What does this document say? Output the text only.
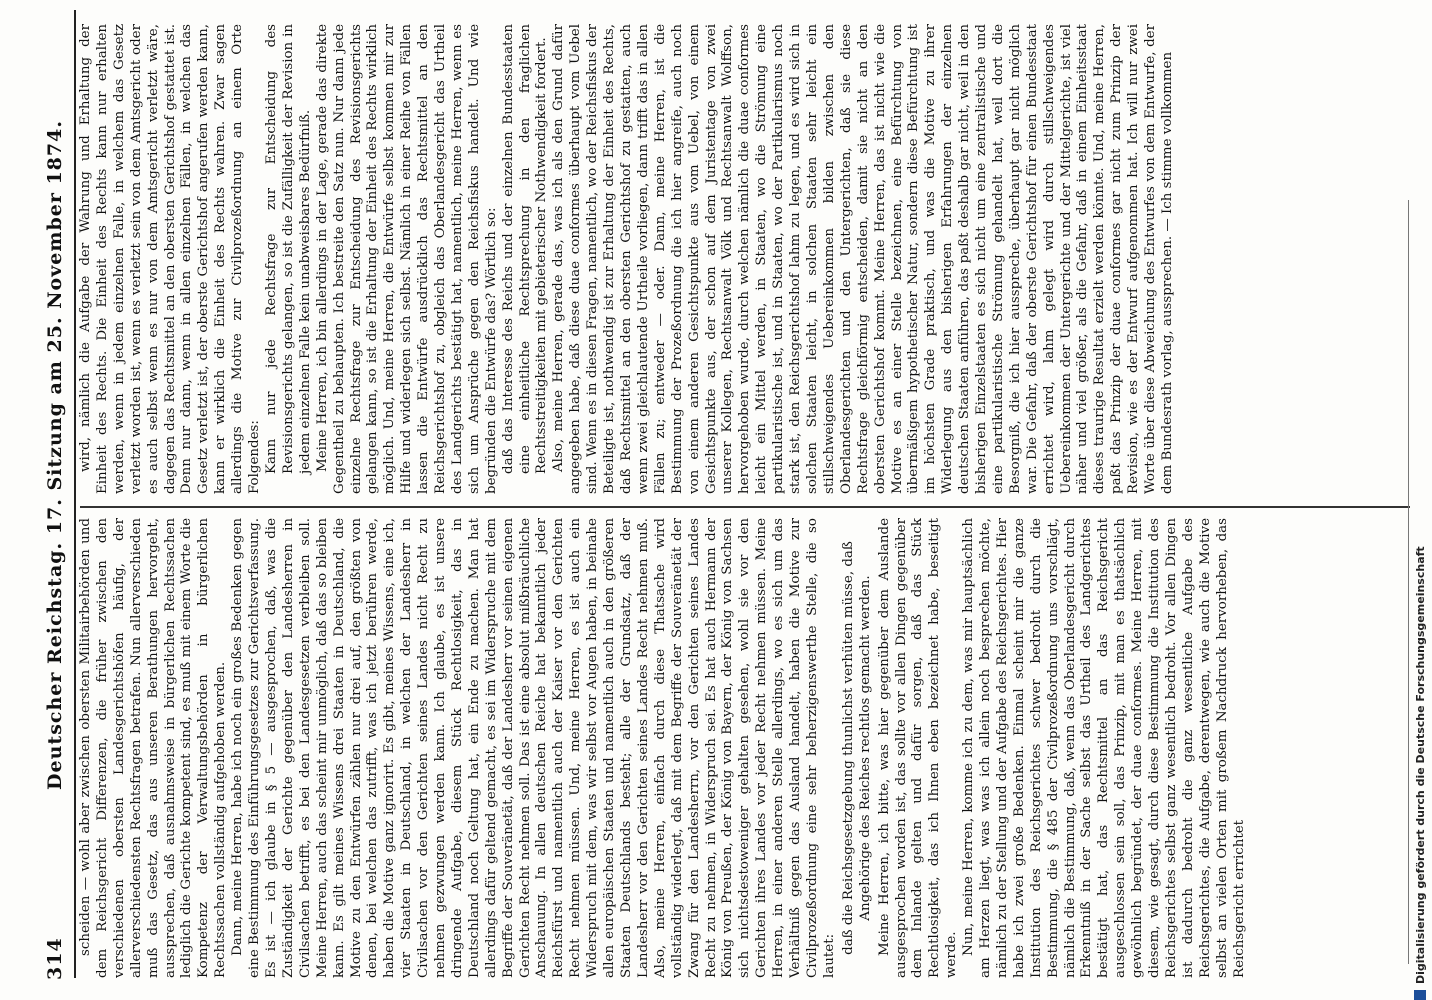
314
Deutscher Reichstag. 17. Sitzung am 25. November 1874. scheiden — wohl aber zwischen obersten Militairbehörden und dem Reichsgericht Differenzen, die früher zwischen den verschiedenen obersten Landesgerichtshöfen häufig, der allerverschiedensten Rechtsfragen betrafen. Nun allerverschieden muß das Gesetz, das aus unseren Berathungen hervorgeht, aussprechen, daß ausnahmsweise in bürgerlichen Rechtssachen lediglich die Gerichte kompetent sind, es muß mit einem Worte die Kompetenz der Verwaltungsbehörden in bürgerlichen Rechtssachen vollständig aufgehoben werden. Dann, meine Herren, habe ich noch ein großes Bedenken gegen eine Bestimmung des Einführungsgesetzes zur Gerichtsverfassung. Es ist — ich glaube in § 5 — ausgesprochen, daß, was die Zuständigkeit der Gerichte gegenüber den Landesherren in Civilsachen betrifft, es bei den Landesgesetzen verbleiben soll. Meine Herren, auch das scheint mir unmöglich, daß das so bleiben kann. Es gilt meines Wissens drei Staaten in Deutschland, die Motive zu den Entwürfen zählen nur drei auf, den größten von denen, bei welchen das zutrifft, was ich jetzt berühren werde, haben die Motive ganz ignorirt. Es gibt, meines Wissens, eine ich, vier Staaten in Deutschland, in welchen der Landesherr in Civilsachen vor den Gerichten seines Landes nicht Recht zu nehmen gezwungen werden kann. Ich glaube, es ist unsere dringende Aufgabe, diesem Stück Rechtlosigkeit, das in Deutschland noch Geltung hat, ein Ende zu machen. Man hat allerdings dafür geltend gemacht, es sei im Widerspruche mit dem Begriffe der Souveränetät, daß der Landesherr vor seinen eigenen Gerichten Recht nehmen soll. Das ist eine absolut mißbräuchliche Anschauung. In allen deutschen Reiche hat bekanntlich jeder Reichsfürst und namentlich auch der Kaiser vor den Gerichten Recht nehmen müssen. Und, meine Herren, es ist auch ein Widerspruch mit dem, was wir selbst vor Augen haben, in beinahe allen europäischen Staaten und namentlich auch in den größeren Staaten Deutschlands besteht; alle der Grundsatz, daß der Landesherr vor den Gerichten seines Landes Recht nehmen muß. Also, meine Herren, einfach durch diese Thatsache wird vollständig widerlegt, daß mit dem Begriffe der Souveränetät der Zwang für den Landesherrn, vor den Gerichten seines Landes Recht zu nehmen, in Widerspruch sei. Es hat auch Hermann der König von Preußen, der König von Bayern, der König von Sachsen sich nichtsdestoweniger gehalten gesehen, wohl sie vor den Gerichten ihres Landes vor jeder Recht nehmen müssen. Meine Herren, in einer anderen Stelle allerdings, wo es sich um das Verhältniß gegen das Ausland handelt, haben die Motive zur Civilprozeßordnung eine sehr beherzigenswerthe Stelle, die so lautet:

daß die Reichsgesetzgebung thunlichst verhüten müsse, daß Angehörige des Reiches rechtlos gemacht werden. Meine Herren, ich bitte, was hier gegenüber dem Auslande ausgesprochen worden ist, das sollte vor allen Dingen gegenüber dem Inlande gelten und dafür sorgen, daß das Stück Rechtlosigkeit, das ich Ihnen eben bezeichnet habe, beseitigt werde. Nun, meine Herren, komme ich zu dem, was mir hauptsächlich am Herzen liegt, was was ich allein noch besprechen möchte, nämlich zu der Stellung und der Aufgabe des Reichsgerichtes. Hier habe ich zwei große Bedenken. Einmal scheint mir die ganze Institution des Reichsgerichtes schwer bedroht durch die Bestimmung, die § 485 der Civilprozeßordnung uns vorschlägt, nämlich die Bestimmung, daß, wenn das Oberlandesgericht durch Erkenntniß in der Sache selbst das Urtheil des Landgerichtes bestätigt hat, das Rechtsmittel an das Reichsgericht ausgeschlossen sein soll, das Prinzip, mit man es thatsächlich gewöhnlich begründet, der duae conformes. Meine Herren, mit diesem, wie gesagt, durch diese Bestimmung die Institution des Reichsgerichtes selbst ganz wesentlich bedroht. Vor allen Dingen ist dadurch bedroht die ganz wesentliche Aufgabe des Reichsgerichtes, die Aufgabe, derentwegen, wie auch die Motive selbst an vielen Orten mit großem Nachdruck hervorheben, das Reichsgericht errichtet

wird, nämlich die Aufgabe der Wahrung und Erhaltung der Einheit des Rechts. Die Einheit des Rechts kann nur erhalten werden, wenn in jedem einzelnen Falle, in welchem das Gesetz verletzt worden ist, wenn es verletzt sein von dem Amtsgericht oder es auch selbst wenn es nur von dem Amtsgericht verletzt wäre, dagegen das Rechtsmittel an den obersten Gerichtshof gestattet ist. Denn nur dann, wenn in allen einzelnen Fällen, in welchen das Gesetz verletzt ist, der oberste Gerichtshof angerufen werden kann, kann er wirklich die Einheit des Rechts wahren. Zwar sagen allerdings die Motive zur Civilprozeßordnung an einem Orte Folgendes: Kann nur jede Rechtsfrage zur Entscheidung des Revisionsgerichts gelangen, so ist die Zufälligkeit der Revision in jedem einzelnen Falle kein unabweisbares Bedürfniß. Meine Herren, ich bin allerdings in der Lage, gerade das direkte Gegentheil zu behaupten. Ich bestreite den Satz nun. Nur dann jede einzelne Rechtsfrage zur Entscheidung des Revisionsgerichts gelangen kann, so ist die Erhaltung der Einheit des Rechts wirklich möglich. Und, meine Herren, die Entwürfe selbst kommen mir zur Hilfe und widerlegen sich selbst. Nämlich in einer Reihe von Fällen lassen die Entwürfe ausdrücklich das Rechtsmittel an den Reichsgerichtshof zu, obgleich das Oberlandesgericht das Urtheil des Landgerichts bestätigt hat, namentlich, meine Herren, wenn es sich um Ansprüche gegen den Reichsfiskus handelt. Und wie begründen die Entwürfe das? Wörtlich so: daß das Interesse des Reichs und der einzelnen Bundesstaaten eine einheitliche Rechtsprechung in den fraglichen Rechtsstreitigkeiten mit gebieterischer Nothwendigkeit fordert. Also, meine Herren, gerade das, was ich als den Grund dafür angegeben habe, daß diese duae conformes überhaupt vom Uebel sind. Wenn es in diesen Fragen, namentlich, wo der Reichsfiskus der Beteiligte ist, nothwendig ist zur Erhaltung der Einheit des Rechts, daß Rechtsmittel an den obersten Gerichtshof zu gestatten, auch wenn zwei gleichlautende Urtheile vorliegen, dann trifft das in allen Fällen zu; entweder — oder. Dann, meine Herren, ist die Bestimmung der Prozeßordnung die ich hier angreife, auch noch von einem anderen Gesichtspunkte aus vom Uebel, von einem Gesichtspunkte aus, der schon auf dem Juristentage von zwei unserer Kollegen, Rechtsanwalt Völk und Rechtsanwalt Wolffson, hervorgehoben wurde, durch welchen nämlich die duae conformes leicht ein Mittel werden, in Staaten, wo die Strömung eine partikularistische ist, und in Staaten, wo der Partikularismus noch stark ist, den Reichsgerichtshof lahm zu legen, und es wird sich in solchen Staaten leicht, in solchen Staaten sehr leicht ein stillschweigendes Uebereinkommen bilden zwischen den Oberlandesgerichten und den Untergerichten, daß sie diese Rechtsfrage gleichförmig entscheiden, damit sie nicht an den obersten Gerichtshof kommt. Meine Herren, das ist nicht wie die Motive es an einer Stelle bezeichnen, eine Befürchtung von übermäßigem hypothetischer Natur, sondern diese Befürchtung ist im höchsten Grade praktisch, und was die Motive zu ihrer Widerlegung aus den bisherigen Erfahrungen der einzelnen deutschen Staaten anführen, das paßt deshalb gar nicht, weil in den bisherigen Einzelstaaten es sich nicht um eine zentralistische und eine partikularistische Strömung gehandelt hat, weil dort die Besorgniß, die ich hier ausspreche, überhaupt gar nicht möglich war. Die Gefahr, daß der oberste Gerichtshof für einen Bundesstaat errichtet wird, lahm gelegt wird durch stillschweigendes Uebereinkommen der Untergerichte und der Mittelgerichte, ist viel näher und viel größer, als die Gefahr, daß in einem Einheitsstaat dieses traurige Resultat erzielt werden könnte. Und, meine Herren, paßt das Prinzip der duae conformes gar nicht zum Prinzip der Revision, wie es der Entwurf aufgenommen hat. Ich will nur zwei Worte über diese Abweichung des Entwurfes von dem Entwurfe, der dem Bundesrath vorlag, aussprechen. — Ich stimme vollkommen

Digitalisierung gefördert durch die Deutsche Forschungsgemeinschaft
